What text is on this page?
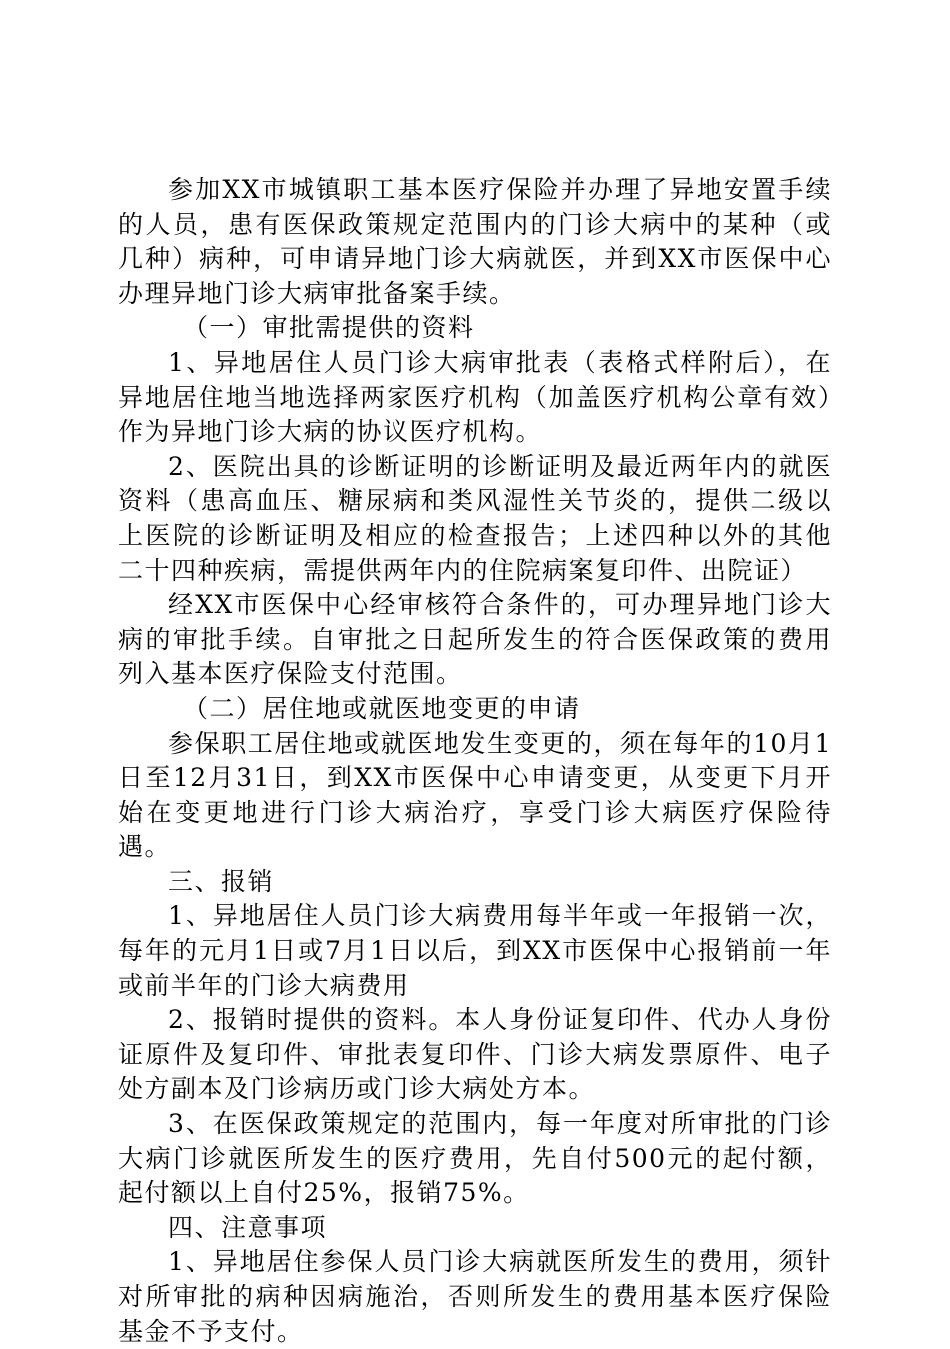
参加XX市城镇职工基本医疗保险并办理了异地安置手续的人员，患有医保政策规定范围内的门诊大病中的某种（或几种）病种，可申请异地门诊大病就医，并到XX市医保中心办理异地门诊大病审批备案手续。

（一）审批需提供的资料

1、异地居住人员门诊大病审批表（表格式样附后），在异地居住地当地选择两家医疗机构（加盖医疗机构公章有效）作为异地门诊大病的协议医疗机构。

2、医院出具的诊断证明的诊断证明及最近两年内的就医资料（患高血压、糖尿病和类风湿性关节炎的，提供二级以上医院的诊断证明及相应的检查报告；上述四种以外的其他二十四种疾病，需提供两年内的住院病案复印件、出院证）

经XX市医保中心经审核符合条件的，可办理异地门诊大病的审批手续。自审批之日起所发生的符合医保政策的费用列入基本医疗保险支付范围。

（二）居住地或就医地变更的申请

参保职工居住地或就医地发生变更的，须在每年的10月1日至12月31日，到XX市医保中心申请变更，从变更下月开始在变更地进行门诊大病治疗，享受门诊大病医疗保险待遇。

三、报销

1、异地居住人员门诊大病费用每半年或一年报销一次，每年的元月1日或7月1日以后，到XX市医保中心报销前一年或前半年的门诊大病费用

2、报销时提供的资料。本人身份证复印件、代办人身份证原件及复印件、审批表复印件、门诊大病发票原件、电子处方副本及门诊病历或门诊大病处方本。

3、在医保政策规定的范围内，每一年度对所审批的门诊大病门诊就医所发生的医疗费用，先自付500元的起付额，起付额以上自付25%，报销75%。

四、注意事项

1、异地居住参保人员门诊大病就医所发生的费用，须针对所审批的病种因病施治，否则所发生的费用基本医疗保险基金不予支付。
